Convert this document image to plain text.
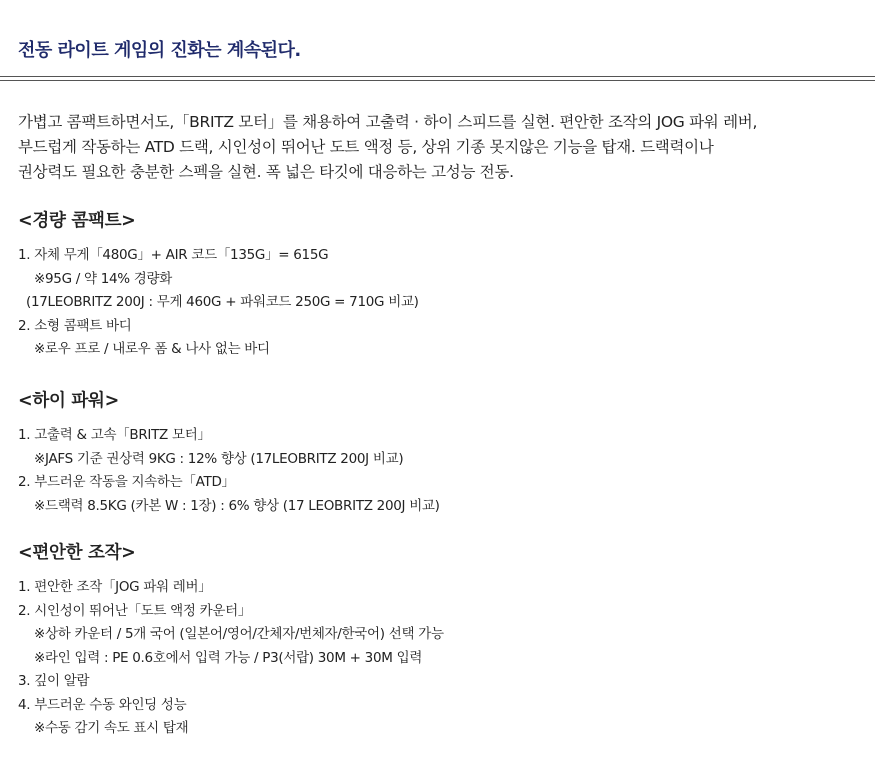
전동 라이트 게임의 진화는 계속된다.
가볍고 콤팩트하면서도,「BRITZ 모터」를 채용하여 고출력 · 하이 스피드를 실현. 편안한 조작의 JOG 파워 레버,
부드럽게 작동하는 ATD 드랙, 시인성이 뛰어난 도트 액정 등, 상위 기종 못지않은 기능을 탑재. 드랙력이나
권상력도 필요한 충분한 스펙을 실현. 폭 넓은 타깃에 대응하는 고성능 전동.
<경량 콤팩트>
1. 자체 무게「480G」+ AIR 코드「135G」= 615G
※95G / 약 14% 경량화
(17LEOBRITZ 200J : 무게 460G + 파워코드 250G = 710G 비교)
2. 소형 콤팩트 바디
※로우 프로 / 내로우 폼 & 나사 없는 바디
<하이 파워>
1. 고출력 & 고속「BRITZ 모터」
※JAFS 기준 권상력 9KG : 12% 향상 (17LEOBRITZ 200J 비교)
2. 부드러운 작동을 지속하는「ATD」
※드랙력 8.5KG (카본 W : 1장) : 6% 향상 (17 LEOBRITZ 200J 비교)
<편안한 조작>
1. 편안한 조작「JOG 파워 레버」
2. 시인성이 뛰어난「도트 액정 카운터」
※상하 카운터 / 5개 국어 (일본어/영어/간체자/번체자/한국어) 선택 가능
※라인 입력 : PE 0.6호에서 입력 가능 / P3(서랍) 30M + 30M 입력
3. 깊이 알람
4. 부드러운 수동 와인딩 성능
※수동 감기 속도 표시 탑재
